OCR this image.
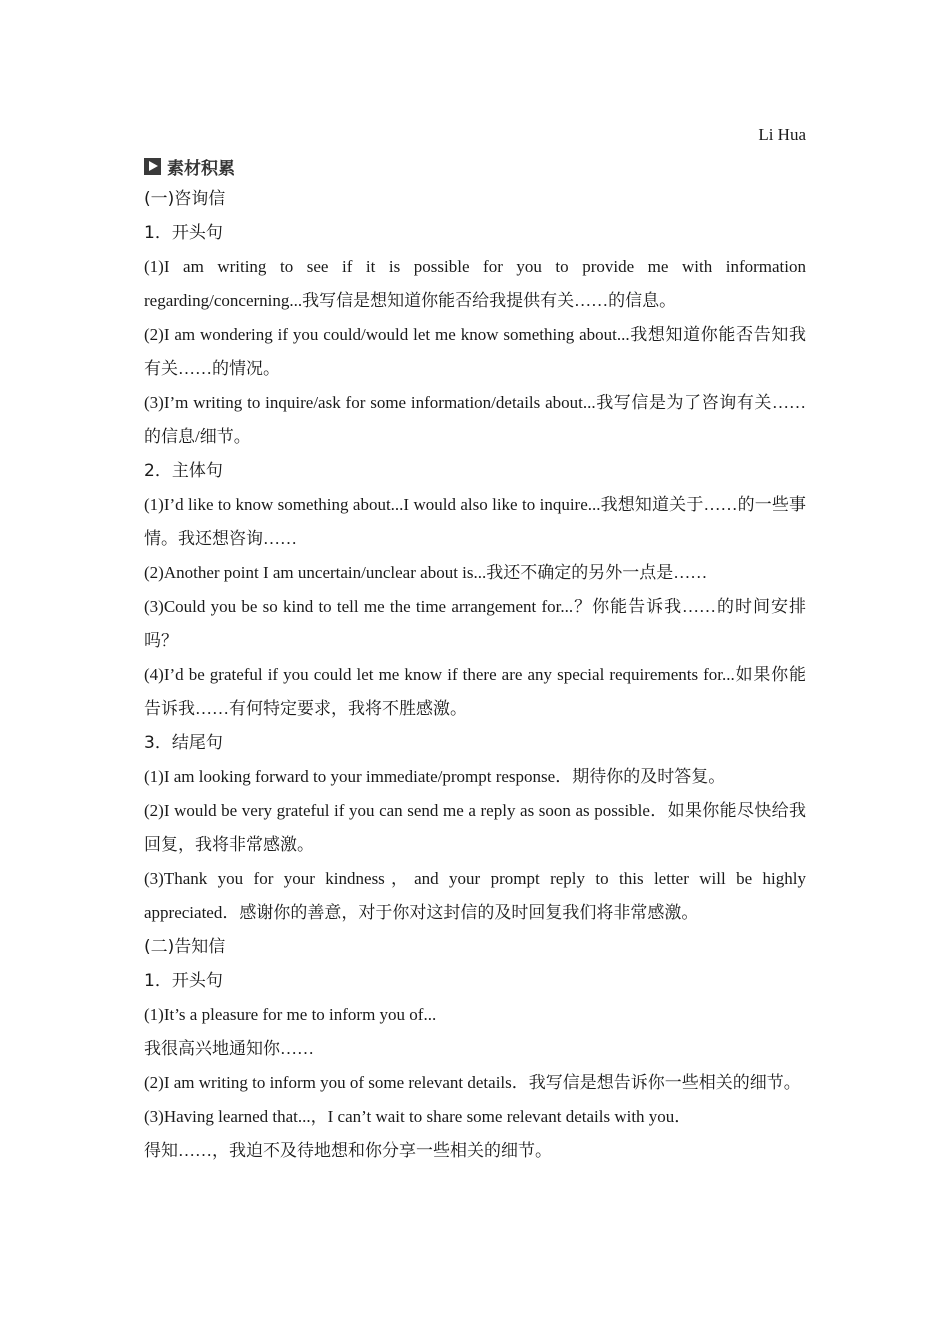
Li Hua
素材积累
(一)咨询信
1．开头句
(1)I am writing to see if it is possible for you to provide me with information regarding/concerning...我写信是想知道你能否给我提供有关……的信息。
(2)I am wondering if you could/would let me know something about...我想知道你能否告知我有关……的情况。
(3)I’m writing to inquire/ask for some information/details about...我写信是为了咨询有关……的信息/细节。
2．主体句
(1)I’d like to know something about...I would also like to inquire...我想知道关于……的一些事情。我还想咨询……
(2)Another point I am uncertain/unclear about is...我还不确定的另外一点是……
(3)Could you be so kind to tell me the time arrangement for...？你能告诉我……的时间安排吗？
(4)I’d be grateful if you could let me know if there are any special requirements for...如果你能告诉我……有何特定要求，我将不胜感激。
3．结尾句
(1)I am looking forward to your immediate/prompt response．期待你的及时答复。
(2)I would be very grateful if you can send me a reply as soon as possible．如果你能尽快给我回复，我将非常感激。
(3)Thank you for your kindness，and your prompt reply to this letter will be highly appreciated．感谢你的善意，对于你对这封信的及时回复我们将非常感激。
(二)告知信
1．开头句
(1)It’s a pleasure for me to inform you of...
我很高兴地通知你……
(2)I am writing to inform you of some relevant details．我写信是想告诉你一些相关的细节。
(3)Having learned that...，I can’t wait to share some relevant details with you．
得知……，我迫不及待地想和你分享一些相关的细节。
